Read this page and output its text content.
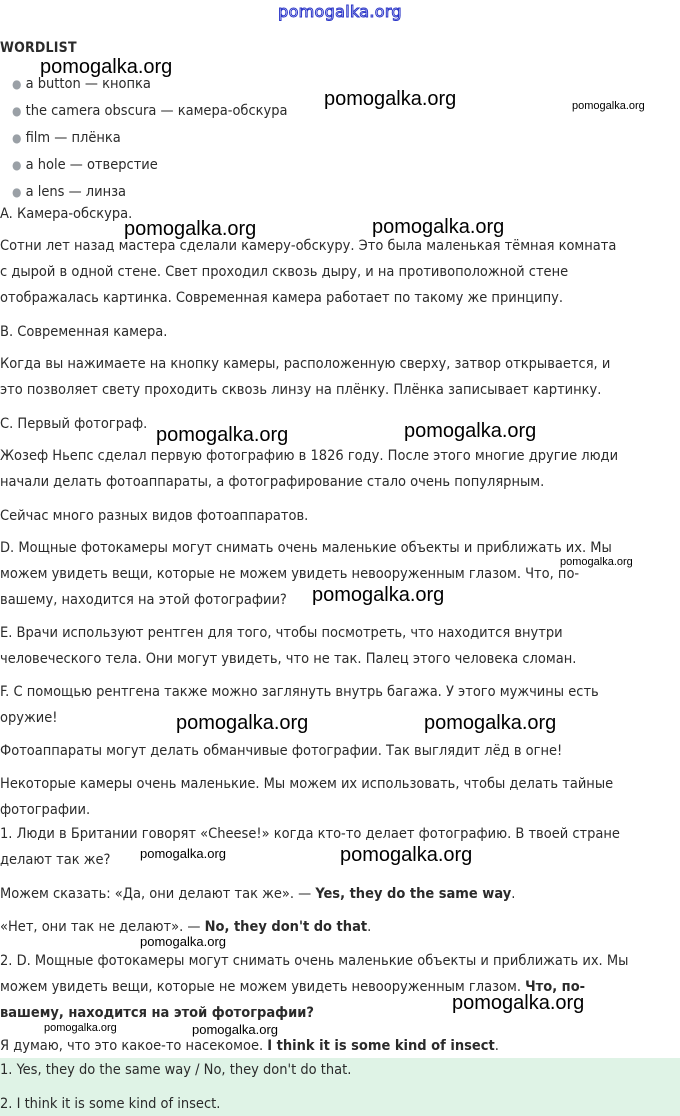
pomogalka.org
WORDLIST
● a button — кнопка
● the camera obscura — камера-обскура
● film — плёнка
● a hole — отверстие
● a lens — линза
A. Камера-обскура.
Сотни лет назад мастера сделали камеру-обскуру. Это была маленькая тёмная комната
с дырой в одной стене. Свет проходил сквозь дыру, и на противоположной стене
отображалась картинка. Современная камера работает по такому же принципу.
B. Современная камера.
Когда вы нажимаете на кнопку камеры, расположенную сверху, затвор открывается, и
это позволяет свету проходить сквозь линзу на плёнку. Плёнка записывает картинку.
C. Первый фотограф.
Жозеф Ньепс сделал первую фотографию в 1826 году. После этого многие другие люди
начали делать фотоаппараты, а фотографирование стало очень популярным.
Сейчас много разных видов фотоаппаратов.
D. Мощные фотокамеры могут снимать очень маленькие объекты и приближать их. Мы
можем увидеть вещи, которые не можем увидеть невооруженным глазом. Что, по-
вашему, находится на этой фотографии?
E. Врачи используют рентген для того, чтобы посмотреть, что находится внутри
человеческого тела. Они могут увидеть, что не так. Палец этого человека сломан.
F. С помощью рентгена также можно заглянуть внутрь багажа. У этого мужчины есть
оружие!
Фотоаппараты могут делать обманчивые фотографии. Так выглядит лёд в огне!
Некоторые камеры очень маленькие. Мы можем их использовать, чтобы делать тайные
фотографии.
1. Люди в Британии говорят «Cheese!» когда кто-то делает фотографию. В твоей стране
делают так же?
Можем сказать: «Да, они делают так же». — Yes, they do the same way.
«Нет, они так не делают». — No, they don't do that.
2. D. Мощные фотокамеры могут снимать очень маленькие объекты и приближать их. Мы
можем увидеть вещи, которые не можем увидеть невооруженным глазом. Что, по-
вашему, находится на этой фотографии?
Я думаю, что это какое-то насекомое. I think it is some kind of insect.
1. Yes, they do the same way / No, they don't do that.
2. I think it is some kind of insect.
pomogalka.org
pomogalka.org	pomogalka.org
pomogalka.org	pomogalka.org
pomogalka.org	pomogalka.org
pomogalka.org
pomogalka.org
pomogalka.org	pomogalka.org
pomogalka.org	pomogalka.org
pomogalka.org
pomogalka.org
pomogalka.org	pomogalka.org
